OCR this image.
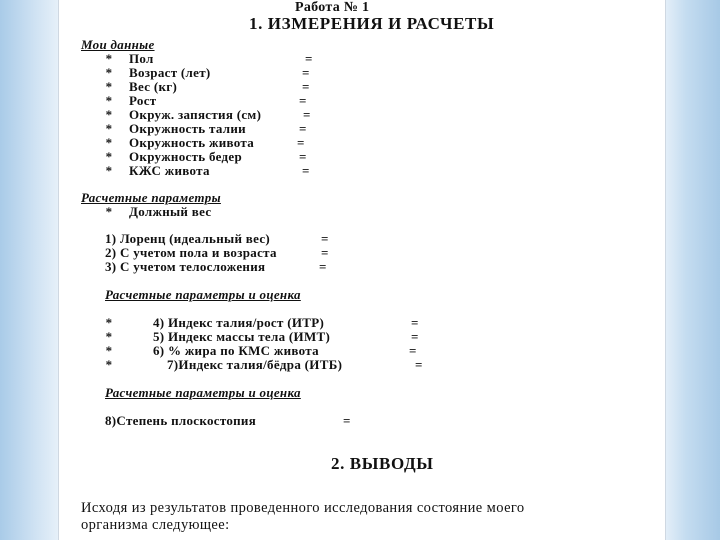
Работа № 1
1. ИЗМЕРЕНИЯ И РАСЧЕТЫ
Мои данные
* Пол	=
* Возраст (лет)	=
* Вес (кг)	=
* Рост	=
* Окруж. запястия (см)	=
* Окружность талии	=
* Окружность живота	=
* Окружность бедер	=
* КЖС живота	=
Расчетные параметры
* Должный вес
1) Лоренц (идеальный вес)	=
2) С учетом пола и возраста	=
3) С учетом телосложения	=
Расчетные параметры и оценка
*	4) Индекс талия/рост (ИТР)	=
*	5) Индекс массы тела (ИМТ)	=
*	6) % жира по КМС живота	=
*	7)Индекс талия/бёдра (ИТБ)	=
Расчетные параметры и оценка
8)Степень плоскостопия	=
2. ВЫВОДЫ
Исходя из результатов проведенного исследования состояние моего
организма следующее:
